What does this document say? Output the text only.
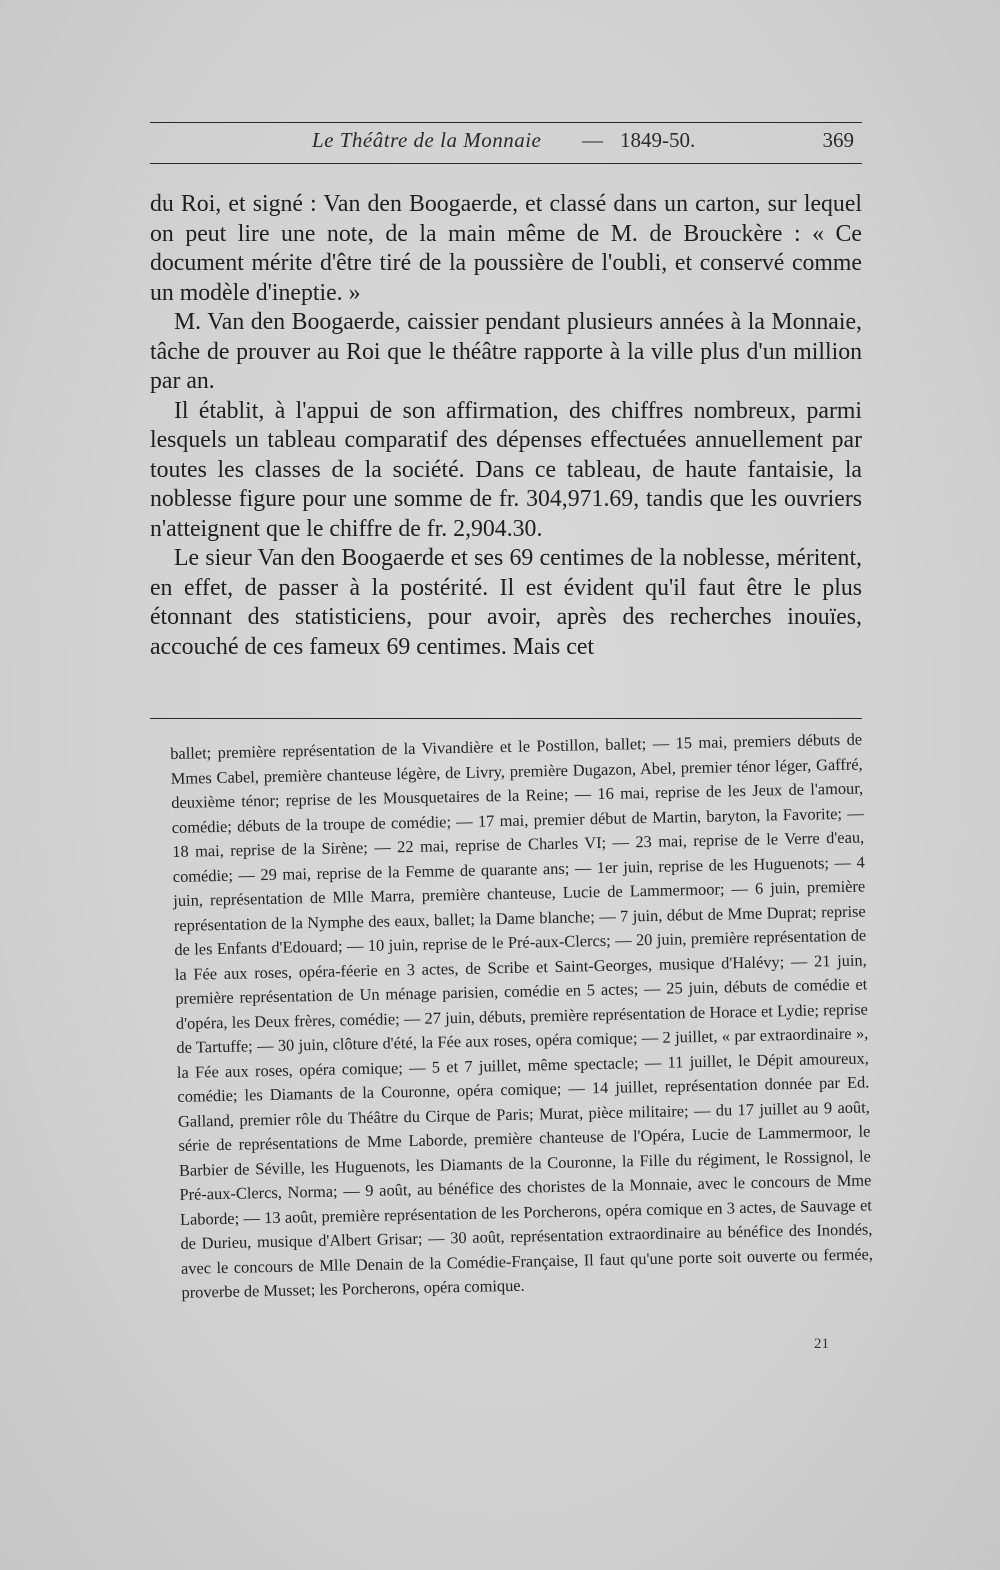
Le Théâtre de la Monnaie — 1849-50.	369

du Roi, et signé : Van den Boogaerde, et classé dans un carton, sur lequel on peut lire une note, de la main même de M. de Brouckère : « Ce document mérite d'être tiré de la poussière de l'oubli, et conservé comme un modèle d'ineptie. »

M. Van den Boogaerde, caissier pendant plusieurs années à la Monnaie, tâche de prouver au Roi que le théâtre rapporte à la ville plus d'un million par an.

Il établit, à l'appui de son affirmation, des chiffres nombreux, parmi lesquels un tableau comparatif des dépenses effectuées annuellement par toutes les classes de la société. Dans ce tableau, de haute fantaisie, la noblesse figure pour une somme de fr. 304,971.69, tandis que les ouvriers n'atteignent que le chiffre de fr. 2,904.30.

Le sieur Van den Boogaerde et ses 69 centimes de la noblesse, méritent, en effet, de passer à la postérité. Il est évident qu'il faut être le plus étonnant des statisticiens, pour avoir, après des recherches inouïes, accouché de ces fameux 69 centimes. Mais cet

ballet; première représentation de la Vivandière et le Postillon, ballet; — 15 mai, premiers débuts de Mmes Cabel, première chanteuse légère, de Livry, première Dugazon, Abel, premier ténor léger, Gaffré, deuxième ténor; reprise de les Mousquetaires de la Reine; — 16 mai, reprise de les Jeux de l'amour, comédie; débuts de la troupe de comédie; — 17 mai, premier début de Martin, baryton, la Favorite; — 18 mai, reprise de la Sirène; — 22 mai, reprise de Charles VI; — 23 mai, reprise de le Verre d'eau, comédie; — 29 mai, reprise de la Femme de quarante ans; — 1er juin, reprise de les Huguenots; — 4 juin, représentation de Mlle Marra, première chanteuse, Lucie de Lammermoor; — 6 juin, première représentation de la Nymphe des eaux, ballet; la Dame blanche; — 7 juin, début de Mme Duprat; reprise de les Enfants d'Edouard; — 10 juin, reprise de le Pré-aux-Clercs; — 20 juin, première représentation de la Fée aux roses, opéra-féerie en 3 actes, de Scribe et Saint-Georges, musique d'Halévy; — 21 juin, première représentation de Un ménage parisien, comédie en 5 actes; — 25 juin, débuts de comédie et d'opéra, les Deux frères, comédie; — 27 juin, débuts, première représentation de Horace et Lydie; reprise de Tartuffe; — 30 juin, clôture d'été, la Fée aux roses, opéra comique; — 2 juillet, « par extraordinaire », la Fée aux roses, opéra comique; — 5 et 7 juillet, même spectacle; — 11 juillet, le Dépit amoureux, comédie; les Diamants de la Couronne, opéra comique; — 14 juillet, représentation donnée par Ed. Galland, premier rôle du Théâtre du Cirque de Paris; Murat, pièce militaire; — du 17 juillet au 9 août, série de représentations de Mme Laborde, première chanteuse de l'Opéra, Lucie de Lammermoor, le Barbier de Séville, les Huguenots, les Diamants de la Couronne, la Fille du régiment, le Rossignol, le Pré-aux-Clercs, Norma; — 9 août, au bénéfice des choristes de la Monnaie, avec le concours de Mme Laborde; — 13 août, première représentation de les Porcherons, opéra comique en 3 actes, de Sauvage et de Durieu, musique d'Albert Grisar; — 30 août, représentation extraordinaire au bénéfice des Inondés, avec le concours de Mlle Denain de la Comédie-Française, Il faut qu'une porte soit ouverte ou fermée, proverbe de Musset; les Porcherons, opéra comique.

21
